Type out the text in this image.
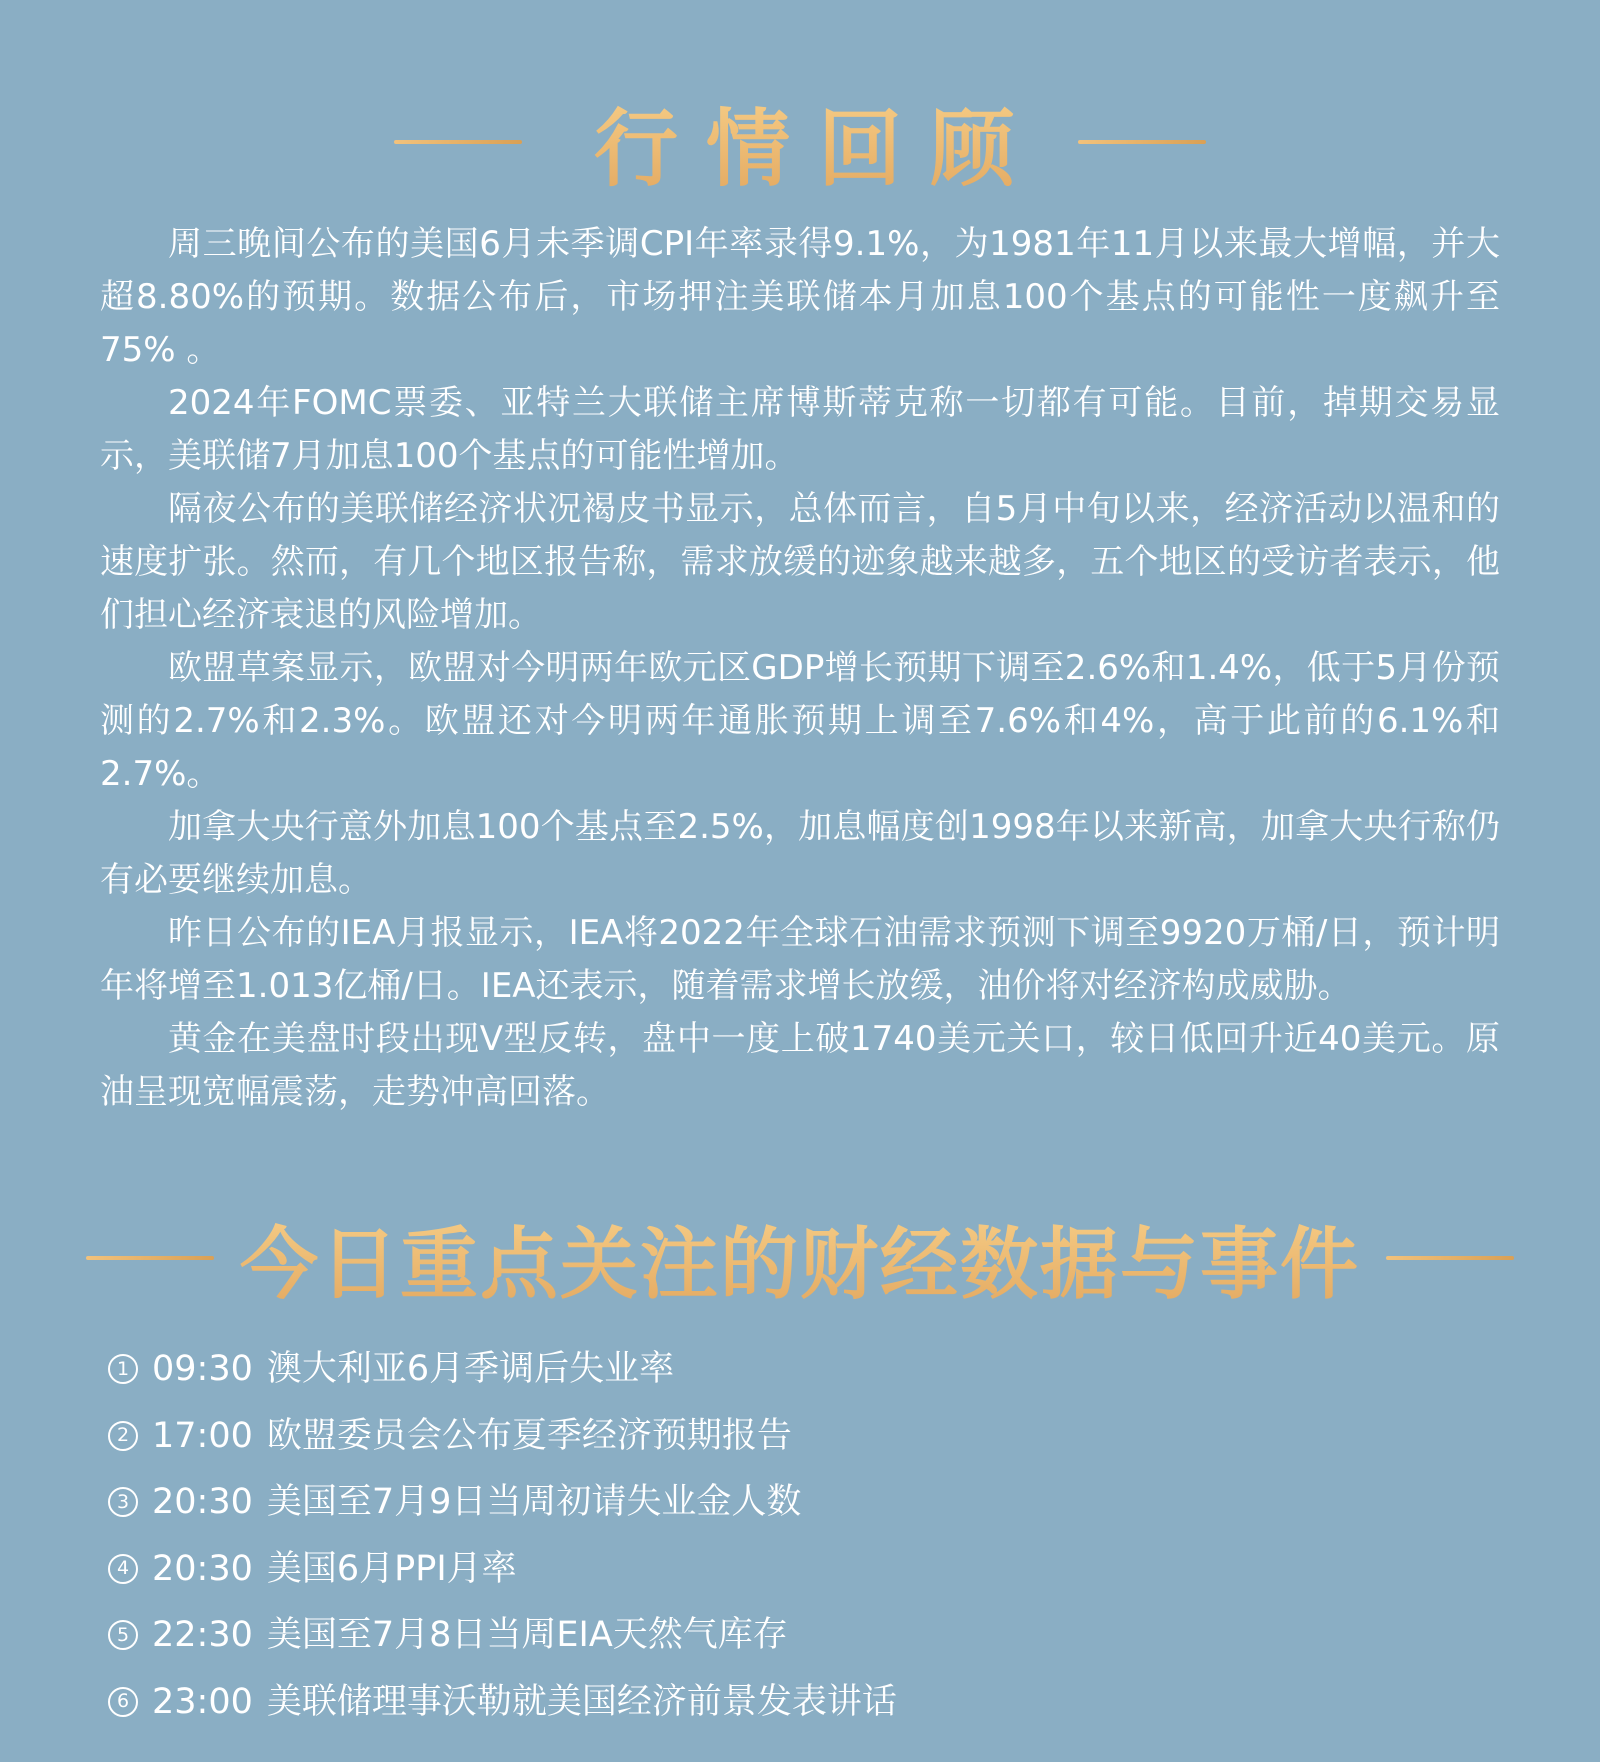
行情回顾

周三晚间公布的美国6月未季调CPI年率录得9.1%，为1981年11月以来最大增幅，并大超8.80%的预期。数据公布后，市场押注美联储本月加息100个基点的可能性一度飙升至75% 。

2024年FOMC票委、亚特兰大联储主席博斯蒂克称一切都有可能。目前，掉期交易显示，美联储7月加息100个基点的可能性增加。

隔夜公布的美联储经济状况褐皮书显示，总体而言，自5月中旬以来，经济活动以温和的速度扩张。然而，有几个地区报告称，需求放缓的迹象越来越多，五个地区的受访者表示，他们担心经济衰退的风险增加。

欧盟草案显示，欧盟对今明两年欧元区GDP增长预期下调至2.6%和1.4%，低于5月份预测的2.7%和2.3%。欧盟还对今明两年通胀预期上调至7.6%和4%，高于此前的6.1%和2.7%。

加拿大央行意外加息100个基点至2.5%，加息幅度创1998年以来新高，加拿大央行称仍有必要继续加息。

昨日公布的IEA月报显示，IEA将2022年全球石油需求预测下调至9920万桶/日，预计明年将增至1.013亿桶/日。IEA还表示，随着需求增长放缓，油价将对经济构成威胁。

黄金在美盘时段出现V型反转，盘中一度上破1740美元关口，较日低回升近40美元。原油呈现宽幅震荡，走势冲高回落。

今日重点关注的财经数据与事件
1 09:30 澳大利亚6月季调后失业率
2 17:00 欧盟委员会公布夏季经济预期报告
3 20:30 美国至7月9日当周初请失业金人数
4 20:30 美国6月PPI月率
5 22:30 美国至7月8日当周EIA天然气库存
6 23:00 美联储理事沃勒就美国经济前景发表讲话
